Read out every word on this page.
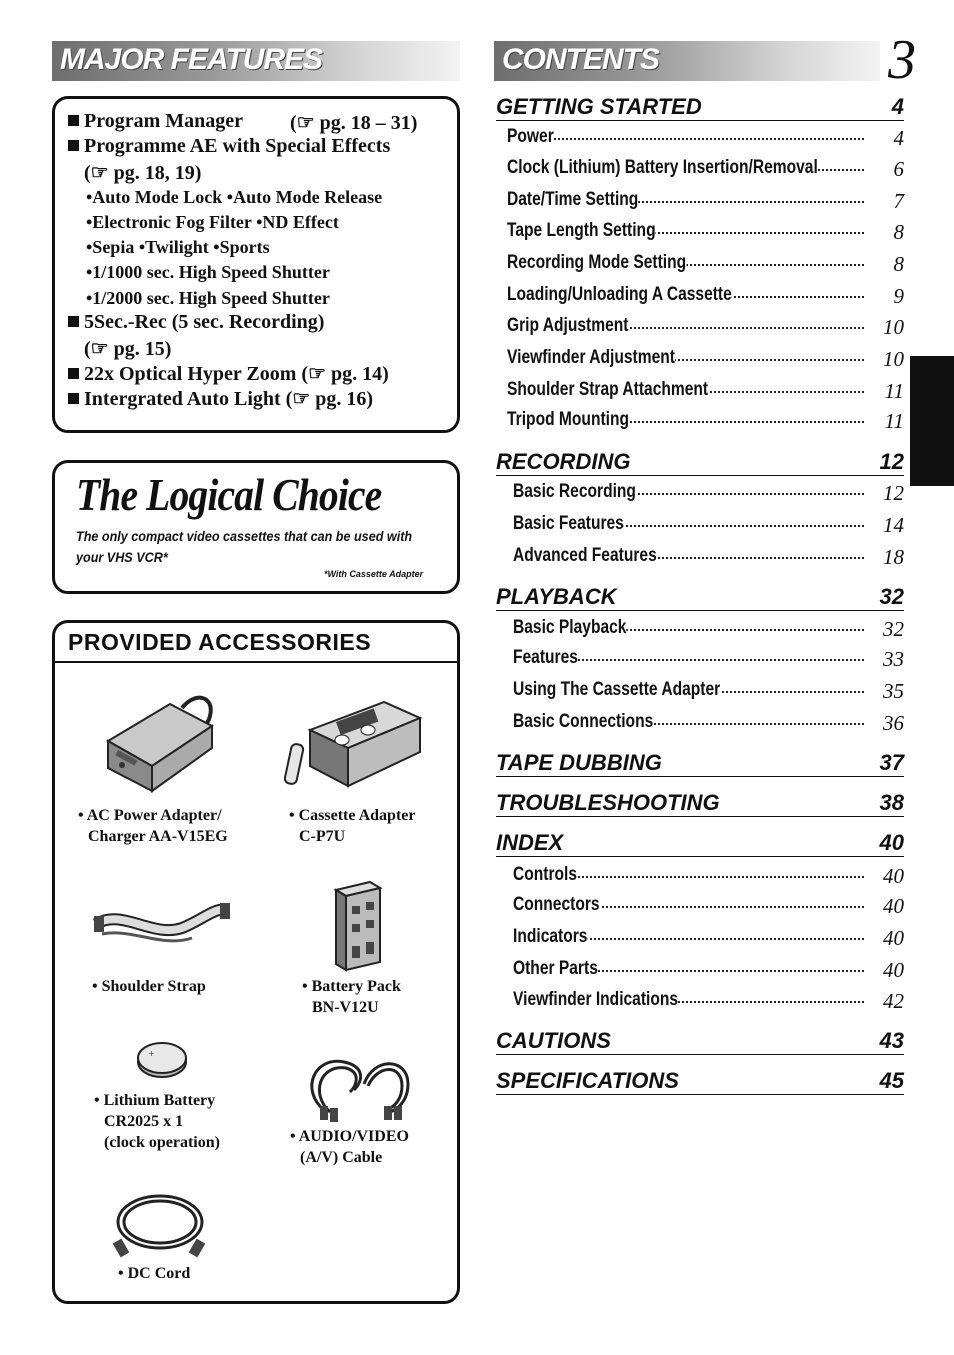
MAJOR FEATURES
Program Manager (☞ pg. 18 – 31)
Programme AE with Special Effects
(☞ pg. 18, 19)
•Auto Mode Lock •Auto Mode Release
•Electronic Fog Filter •ND Effect
•Sepia •Twilight •Sports
•1/1000 sec. High Speed Shutter
•1/2000 sec. High Speed Shutter
5Sec.-Rec (5 sec. Recording)
(☞ pg. 15)
22x Optical Hyper Zoom (☞ pg. 14)
Intergrated Auto Light (☞ pg. 16)
The Logical Choice
The only compact video cassettes that can be used with your VHS VCR*
*With Cassette Adapter
PROVIDED ACCESSORIES
+
• AC Power Adapter/
Charger AA-V15EG
• Cassette Adapter
C-P7U
• Shoulder Strap	• Battery Pack
BN-V12U
• Lithium Battery
CR2025 x 1
(clock operation)	• AUDIO/VIDEO
(A/V) Cable
• DC Cord
CONTENTS	3
GETTING STARTED	4
Power	4
Clock (Lithium) Battery Insertion/Removal	6
Date/Time Setting	7
Tape Length Setting	8
Recording Mode Setting	8
Loading/Unloading A Cassette	9
Grip Adjustment	10
Viewfinder Adjustment	10
Shoulder Strap Attachment	11
Tripod Mounting	11
RECORDING	12
Basic Recording	12
Basic Features	14
Advanced Features	18
PLAYBACK	32
Basic Playback	32
Features	33
Using The Cassette Adapter	35
Basic Connections	36
TAPE DUBBING	37
TROUBLESHOOTING	38
INDEX	40
Controls	40
Connectors	40
Indicators	40
Other Parts	40
Viewfinder Indications	42
CAUTIONS	43
SPECIFICATIONS	45
